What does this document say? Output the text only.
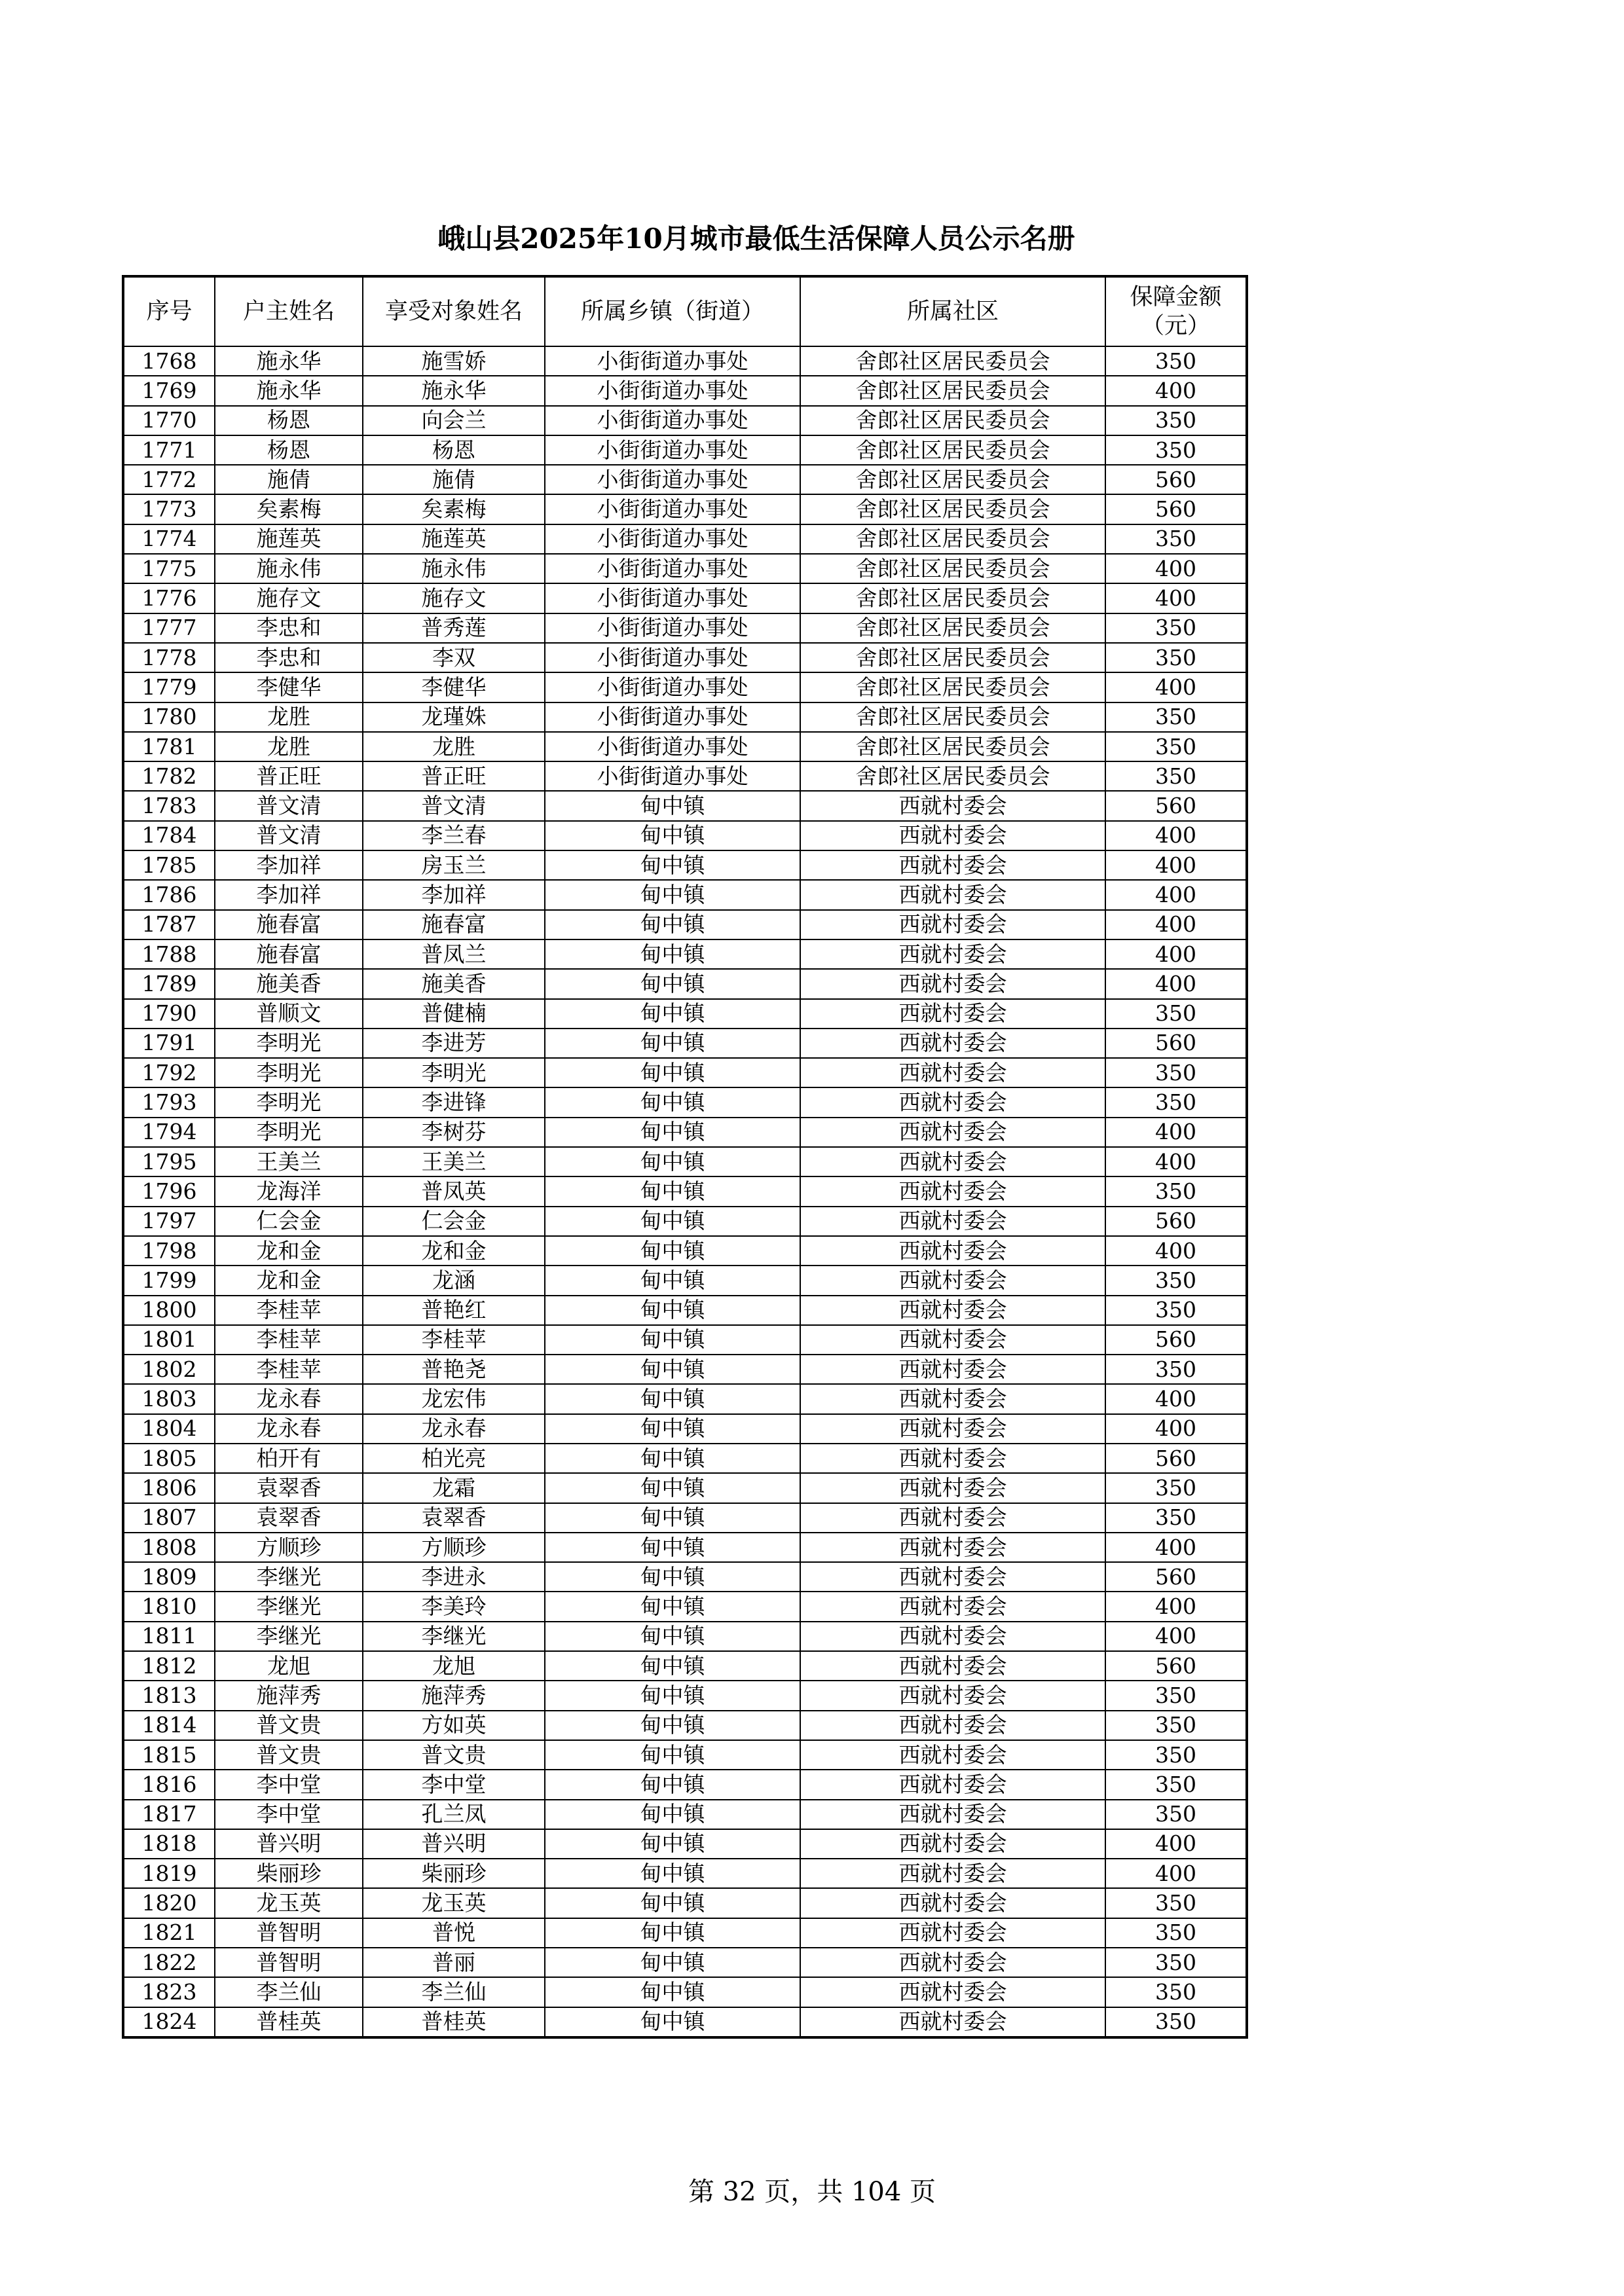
峨山县2025年10月城市最低生活保障人员公示名册
序号	户主姓名	享受对象姓名	所属乡镇（街道）	所属社区	保障金额
（元）

1768	施永华	施雪娇	小街街道办事处	舍郎社区居民委员会	350
1769	施永华	施永华	小街街道办事处	舍郎社区居民委员会	400
1770	杨恩	向会兰	小街街道办事处	舍郎社区居民委员会	350
1771	杨恩	杨恩	小街街道办事处	舍郎社区居民委员会	350
1772	施倩	施倩	小街街道办事处	舍郎社区居民委员会	560
1773	矣素梅	矣素梅	小街街道办事处	舍郎社区居民委员会	560
1774	施莲英	施莲英	小街街道办事处	舍郎社区居民委员会	350
1775	施永伟	施永伟	小街街道办事处	舍郎社区居民委员会	400
1776	施存文	施存文	小街街道办事处	舍郎社区居民委员会	400
1777	李忠和	普秀莲	小街街道办事处	舍郎社区居民委员会	350
1778	李忠和	李双	小街街道办事处	舍郎社区居民委员会	350
1779	李健华	李健华	小街街道办事处	舍郎社区居民委员会	400
1780	龙胜	龙瑾姝	小街街道办事处	舍郎社区居民委员会	350
1781	龙胜	龙胜	小街街道办事处	舍郎社区居民委员会	350
1782	普正旺	普正旺	小街街道办事处	舍郎社区居民委员会	350
1783	普文清	普文清	甸中镇	西就村委会	560
1784	普文清	李兰春	甸中镇	西就村委会	400
1785	李加祥	房玉兰	甸中镇	西就村委会	400
1786	李加祥	李加祥	甸中镇	西就村委会	400
1787	施春富	施春富	甸中镇	西就村委会	400
1788	施春富	普凤兰	甸中镇	西就村委会	400
1789	施美香	施美香	甸中镇	西就村委会	400
1790	普顺文	普健楠	甸中镇	西就村委会	350
1791	李明光	李进芳	甸中镇	西就村委会	560
1792	李明光	李明光	甸中镇	西就村委会	350
1793	李明光	李进锋	甸中镇	西就村委会	350
1794	李明光	李树芬	甸中镇	西就村委会	400
1795	王美兰	王美兰	甸中镇	西就村委会	400
1796	龙海洋	普凤英	甸中镇	西就村委会	350
1797	仁会金	仁会金	甸中镇	西就村委会	560
1798	龙和金	龙和金	甸中镇	西就村委会	400
1799	龙和金	龙涵	甸中镇	西就村委会	350
1800	李桂苹	普艳红	甸中镇	西就村委会	350
1801	李桂苹	李桂苹	甸中镇	西就村委会	560
1802	李桂苹	普艳尧	甸中镇	西就村委会	350
1803	龙永春	龙宏伟	甸中镇	西就村委会	400
1804	龙永春	龙永春	甸中镇	西就村委会	400
1805	柏开有	柏光亮	甸中镇	西就村委会	560
1806	袁翠香	龙霜	甸中镇	西就村委会	350
1807	袁翠香	袁翠香	甸中镇	西就村委会	350
1808	方顺珍	方顺珍	甸中镇	西就村委会	400
1809	李继光	李进永	甸中镇	西就村委会	560
1810	李继光	李美玲	甸中镇	西就村委会	400
1811	李继光	李继光	甸中镇	西就村委会	400
1812	龙旭	龙旭	甸中镇	西就村委会	560
1813	施萍秀	施萍秀	甸中镇	西就村委会	350
1814	普文贵	方如英	甸中镇	西就村委会	350
1815	普文贵	普文贵	甸中镇	西就村委会	350
1816	李中堂	李中堂	甸中镇	西就村委会	350
1817	李中堂	孔兰凤	甸中镇	西就村委会	350
1818	普兴明	普兴明	甸中镇	西就村委会	400
1819	柴丽珍	柴丽珍	甸中镇	西就村委会	400
1820	龙玉英	龙玉英	甸中镇	西就村委会	350
1821	普智明	普悦	甸中镇	西就村委会	350
1822	普智明	普丽	甸中镇	西就村委会	350
1823	李兰仙	李兰仙	甸中镇	西就村委会	350
1824	普桂英	普桂英	甸中镇	西就村委会	350
第 32 页，共 104 页
